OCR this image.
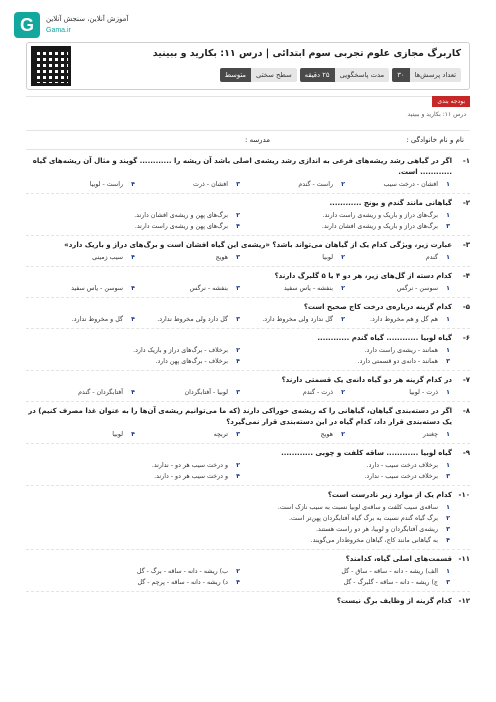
G	آموزش آنلاین، سنجش آنلاین
Gama.ir
کاربرگ مجازی علوم تجربی سوم ابتدائی | درس ۱۱: بکارید و ببینید
تعداد پرسش‌ها
۳۰
مدت پاسخگویی
۲۵ دقیقه
سطح سختی
متوسط
بودجه بندی
درس ۱۱: بکارید و ببینید
نام و نام خانوادگی :
مدرسه :
۱-
اگر در گیاهی رشد ریشه‌های فرعی به اندازی رشد ریشه‌ی اصلی باشد آن ریشه را ............ گویند و مثال آن ریشه‌های گیاه ............ است.
۱
افشان - درخت سیب
۲
راست - گندم
۳
افشان - ذرت
۴
راست - لوبیا
۲-
گیاهانی مانند گندم و یونج ............
۱
برگ‌های دراز و باریک و ریشه‌ی راست دارند.
۲
برگ‌های پهن و ریشه‌ی افشان دارند.
۳
برگ‌های دراز و باریک و ریشه‌ی افشان دارند.
۴
برگ‌های پهن و ریشه‌ی راست دارند.
۳-
عبارت زیر، ویژگی کدام یک از گیاهان می‌تواند باشد؟ «ریشه‌ی این گیاه افشان است و برگ‌های دراز و باریک دارد»
۱
گندم
۲
لوبیا
۳
هویج
۴
سیب زمینی
۴-
کدام دسته از گل‌های زیر، هر دو ۴ یا ۵ گلبرگ دارند؟
۱
سوسن - نرگس
۲
بنفشه - یاس سفید
۳
بنفشه - نرگس
۴
سوسن - یاس سفید
۵-
کدام گزینه درباره‌ی درخت کاج صحیح است؟
۱
هم گل و هم مخروط دارد.
۲
گل ندارد ولی مخروط دارد.
۳
گل دارد ولی مخروط ندارد.
۴
گل و مخروط ندارد.
۶-
گیاه لوبیا ............ گیاه گندم ............
۱
همانند - ریشه‌ی راست دارد.
۲
برخلاف - برگ‌های دراز و باریک دارد.
۳
همانند - دانه‌ی دو قسمتی دارد.
۴
برخلاف - برگ‌های پهن دارد.
۷-
در کدام گزینه هر دو گیاه دانه‌ی یک قسمتی دارند؟
۱
ذرت - لوبیا
۲
ذرت - گندم
۳
لوبیا - آفتابگردان
۴
آفتابگردان - گندم
۸-
اگر در دسته‌بندی گیاهان، گیاهانی را که ریشه‌ی خوراکی دارند (که ما می‌توانیم ریشه‌ی آن‌ها را به عنوان غذا مصرف کنیم) در یک دسته‌بندی قرار داد، کدام گیاه در این دسته‌بندی قرار نمی‌گیرد؟
۱
چغندر
۲
هویج
۳
تربچه
۴
لوبیا
۹-
گیاه لوبیا ............ ساقه کلفت و چوبی ............
۱
برخلاف درخت سیب - دارد.
۲
و درخت سیب هر دو - ندارند.
۳
برخلاف درخت سیب - ندارد.
۴
و درخت سیب هر دو - دارند.
۱۰-
کدام یک از موارد زیر نادرست است؟
۱
ساقه‌ی سیب کلفت و ساقه‌ی لوبیا نسبت به سیب نازک است.
۲
برگ گیاه گندم نسبت به برگ گیاه آفتابگردان پهن‌تر است.
۳
ریشه‌ی آفتابگردان و لوبیا، هر دو راست هستند.
۴
به گیاهانی مانند کاج، گیاهان مخروط‌دار می‌گویند.
۱۱-
قسمت‌های اصلی گیاه، کدامند؟
۱
الف) ریشه - دانه - ساقه - ساق - گل
۲
ب) ریشه - دانه - ساقه - برگ - گل
۳
ج) ریشه - دانه - ساقه - گلبرگ - گل
۴
د) ریشه - دانه - ساقه - پرچم - گل
۱۲-
کدام گزینه از وظایف برگ نیست؟
